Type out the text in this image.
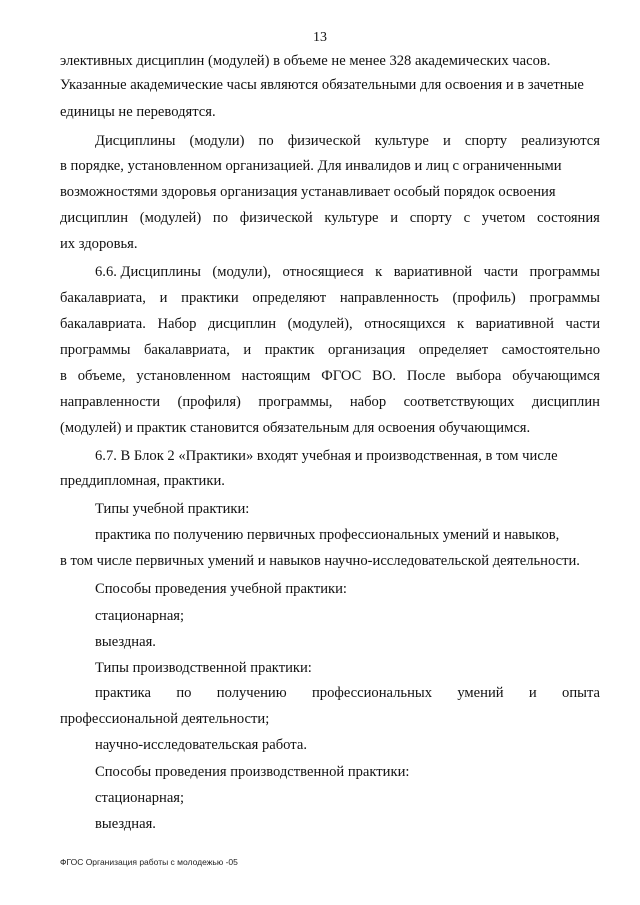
13
элективных дисциплин (модулей) в объеме не менее 328 академических часов.
Указанные академические часы являются обязательными для освоения и в зачетные
единицы не переводятся.
Дисциплины (модули) по физической культуре и спорту реализуются
в порядке, установленном организацией. Для инвалидов и лиц с ограниченными
возможностями здоровья организация устанавливает особый порядок освоения
дисциплин (модулей) по физической культуре и спорту с учетом состояния
их здоровья.
6.6. Дисциплины (модули), относящиеся к вариативной части программы
бакалавриата, и практики определяют направленность (профиль) программы
бакалавриата. Набор дисциплин (модулей), относящихся к вариативной части
программы бакалавриата, и практик организация определяет самостоятельно
в объеме, установленном настоящим ФГОС ВО. После выбора обучающимся
направленности (профиля) программы, набор соответствующих дисциплин
(модулей) и практик становится обязательным для освоения обучающимся.
6.7. В Блок 2 «Практики» входят учебная и производственная, в том числе
преддипломная, практики.
Типы учебной практики:
практика по получению первичных профессиональных умений и навыков,
в том числе первичных умений и навыков научно-исследовательской деятельности.
Способы проведения учебной практики:
стационарная;
выездная.
Типы производственной практики:
практика по получению профессиональных умений и опыта
профессиональной деятельности;
научно-исследовательская работа.
Способы проведения производственной практики:
стационарная;
выездная.
ФГОС Организация работы с молодежью -05
